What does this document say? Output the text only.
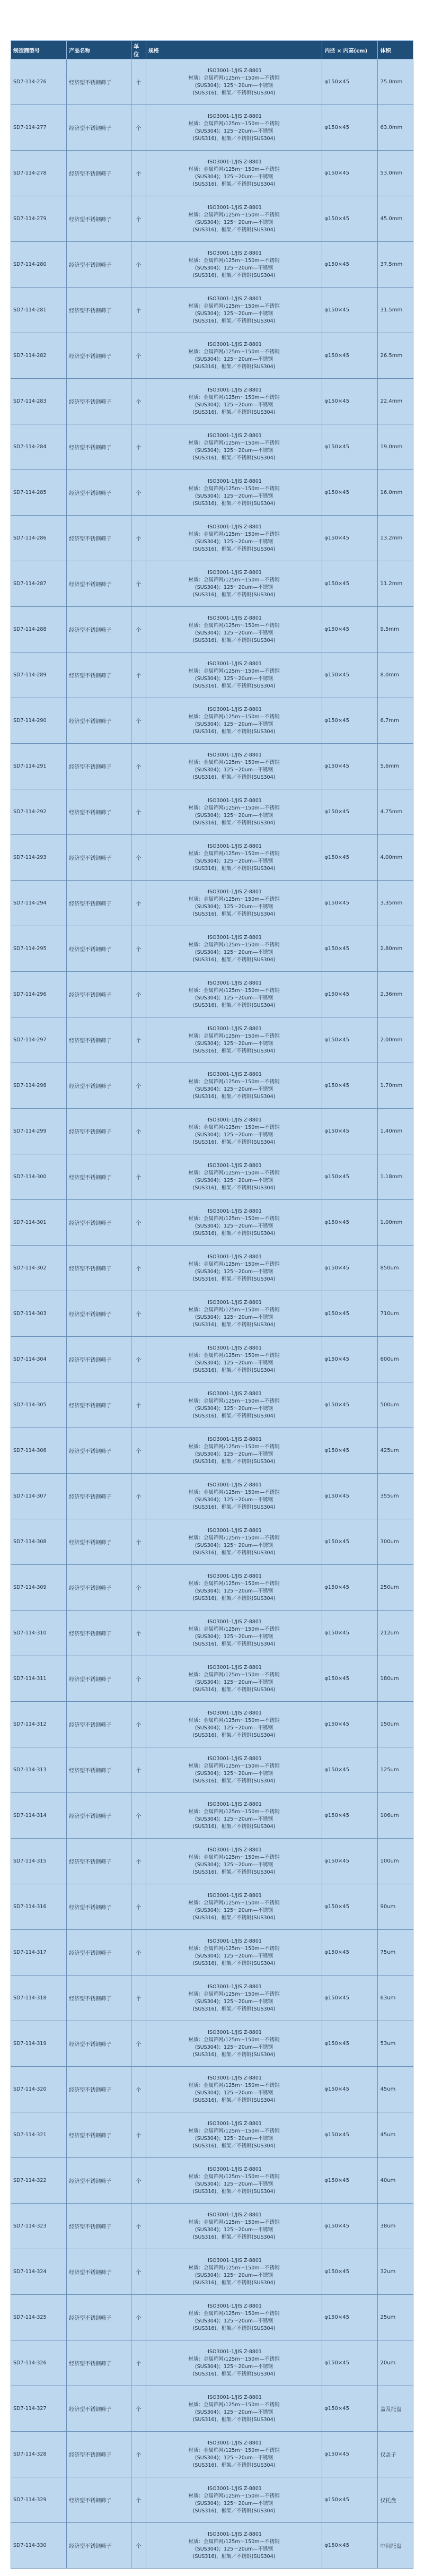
制造商型号	产品名称	单位	规格	内径 × 内高(cm)	体积
SD7-114-276	经济型不锈钢筛子	个	·ISO3001-1/JIS Z-8801
材质：金属筛网/125m～150m—不锈钢
(SUS304)；125～20um—不锈钢
(SUS316)，框架／不锈钢(SUS304)	φ150×45	75.0mm
SD7-114-277	经济型不锈钢筛子	个	·ISO3001-1/JIS Z-8801
材质：金属筛网/125m～150m—不锈钢
(SUS304)；125～20um—不锈钢
(SUS316)，框架／不锈钢(SUS304)	φ150×45	63.0mm
SD7-114-278	经济型不锈钢筛子	个	·ISO3001-1/JIS Z-8801
材质：金属筛网/125m～150m—不锈钢
(SUS304)；125～20um—不锈钢
(SUS316)，框架／不锈钢(SUS304)	φ150×45	53.0mm
SD7-114-279	经济型不锈钢筛子	个	·ISO3001-1/JIS Z-8801
材质：金属筛网/125m～150m—不锈钢
(SUS304)；125～20um—不锈钢
(SUS316)，框架／不锈钢(SUS304)	φ150×45	45.0mm
SD7-114-280	经济型不锈钢筛子	个	·ISO3001-1/JIS Z-8801
材质：金属筛网/125m～150m—不锈钢
(SUS304)；125～20um—不锈钢
(SUS316)，框架／不锈钢(SUS304)	φ150×45	37.5mm
SD7-114-281	经济型不锈钢筛子	个	·ISO3001-1/JIS Z-8801
材质：金属筛网/125m～150m—不锈钢
(SUS304)；125～20um—不锈钢
(SUS316)，框架／不锈钢(SUS304)	φ150×45	31.5mm
SD7-114-282	经济型不锈钢筛子	个	·ISO3001-1/JIS Z-8801
材质：金属筛网/125m～150m—不锈钢
(SUS304)；125～20um—不锈钢
(SUS316)，框架／不锈钢(SUS304)	φ150×45	26.5mm
SD7-114-283	经济型不锈钢筛子	个	·ISO3001-1/JIS Z-8801
材质：金属筛网/125m～150m—不锈钢
(SUS304)；125～20um—不锈钢
(SUS316)，框架／不锈钢(SUS304)	φ150×45	22.4mm
SD7-114-284	经济型不锈钢筛子	个	·ISO3001-1/JIS Z-8801
材质：金属筛网/125m～150m—不锈钢
(SUS304)；125～20um—不锈钢
(SUS316)，框架／不锈钢(SUS304)	φ150×45	19.0mm
SD7-114-285	经济型不锈钢筛子	个	·ISO3001-1/JIS Z-8801
材质：金属筛网/125m～150m—不锈钢
(SUS304)；125～20um—不锈钢
(SUS316)，框架／不锈钢(SUS304)	φ150×45	16.0mm
SD7-114-286	经济型不锈钢筛子	个	·ISO3001-1/JIS Z-8801
材质：金属筛网/125m～150m—不锈钢
(SUS304)；125～20um—不锈钢
(SUS316)，框架／不锈钢(SUS304)	φ150×45	13.2mm
SD7-114-287	经济型不锈钢筛子	个	·ISO3001-1/JIS Z-8801
材质：金属筛网/125m～150m—不锈钢
(SUS304)；125～20um—不锈钢
(SUS316)，框架／不锈钢(SUS304)	φ150×45	11.2mm
SD7-114-288	经济型不锈钢筛子	个	·ISO3001-1/JIS Z-8801
材质：金属筛网/125m～150m—不锈钢
(SUS304)；125～20um—不锈钢
(SUS316)，框架／不锈钢(SUS304)	φ150×45	9.5mm
SD7-114-289	经济型不锈钢筛子	个	·ISO3001-1/JIS Z-8801
材质：金属筛网/125m～150m—不锈钢
(SUS304)；125～20um—不锈钢
(SUS316)，框架／不锈钢(SUS304)	φ150×45	8.0mm
SD7-114-290	经济型不锈钢筛子	个	·ISO3001-1/JIS Z-8801
材质：金属筛网/125m～150m—不锈钢
(SUS304)；125～20um—不锈钢
(SUS316)，框架／不锈钢(SUS304)	φ150×45	6.7mm
SD7-114-291	经济型不锈钢筛子	个	·ISO3001-1/JIS Z-8801
材质：金属筛网/125m～150m—不锈钢
(SUS304)；125～20um—不锈钢
(SUS316)，框架／不锈钢(SUS304)	φ150×45	5.6mm
SD7-114-292	经济型不锈钢筛子	个	·ISO3001-1/JIS Z-8801
材质：金属筛网/125m～150m—不锈钢
(SUS304)；125～20um—不锈钢
(SUS316)，框架／不锈钢(SUS304)	φ150×45	4.75mm
SD7-114-293	经济型不锈钢筛子	个	·ISO3001-1/JIS Z-8801
材质：金属筛网/125m～150m—不锈钢
(SUS304)；125～20um—不锈钢
(SUS316)，框架／不锈钢(SUS304)	φ150×45	4.00mm
SD7-114-294	经济型不锈钢筛子	个	·ISO3001-1/JIS Z-8801
材质：金属筛网/125m～150m—不锈钢
(SUS304)；125～20um—不锈钢
(SUS316)，框架／不锈钢(SUS304)	φ150×45	3.35mm
SD7-114-295	经济型不锈钢筛子	个	·ISO3001-1/JIS Z-8801
材质：金属筛网/125m～150m—不锈钢
(SUS304)；125～20um—不锈钢
(SUS316)，框架／不锈钢(SUS304)	φ150×45	2.80mm
SD7-114-296	经济型不锈钢筛子	个	·ISO3001-1/JIS Z-8801
材质：金属筛网/125m～150m—不锈钢
(SUS304)；125～20um—不锈钢
(SUS316)，框架／不锈钢(SUS304)	φ150×45	2.36mm
SD7-114-297	经济型不锈钢筛子	个	·ISO3001-1/JIS Z-8801
材质：金属筛网/125m～150m—不锈钢
(SUS304)；125～20um—不锈钢
(SUS316)，框架／不锈钢(SUS304)	φ150×45	2.00mm
SD7-114-298	经济型不锈钢筛子	个	·ISO3001-1/JIS Z-8801
材质：金属筛网/125m～150m—不锈钢
(SUS304)；125～20um—不锈钢
(SUS316)，框架／不锈钢(SUS304)	φ150×45	1.70mm
SD7-114-299	经济型不锈钢筛子	个	·ISO3001-1/JIS Z-8801
材质：金属筛网/125m～150m—不锈钢
(SUS304)；125～20um—不锈钢
(SUS316)，框架／不锈钢(SUS304)	φ150×45	1.40mm
SD7-114-300	经济型不锈钢筛子	个	·ISO3001-1/JIS Z-8801
材质：金属筛网/125m～150m—不锈钢
(SUS304)；125～20um—不锈钢
(SUS316)，框架／不锈钢(SUS304)	φ150×45	1.18mm
SD7-114-301	经济型不锈钢筛子	个	·ISO3001-1/JIS Z-8801
材质：金属筛网/125m～150m—不锈钢
(SUS304)；125～20um—不锈钢
(SUS316)，框架／不锈钢(SUS304)	φ150×45	1.00mm
SD7-114-302	经济型不锈钢筛子	个	·ISO3001-1/JIS Z-8801
材质：金属筛网/125m～150m—不锈钢
(SUS304)；125～20um—不锈钢
(SUS316)，框架／不锈钢(SUS304)	φ150×45	850um
SD7-114-303	经济型不锈钢筛子	个	·ISO3001-1/JIS Z-8801
材质：金属筛网/125m～150m—不锈钢
(SUS304)；125～20um—不锈钢
(SUS316)，框架／不锈钢(SUS304)	φ150×45	710um
SD7-114-304	经济型不锈钢筛子	个	·ISO3001-1/JIS Z-8801
材质：金属筛网/125m～150m—不锈钢
(SUS304)；125～20um—不锈钢
(SUS316)，框架／不锈钢(SUS304)	φ150×45	600um
SD7-114-305	经济型不锈钢筛子	个	·ISO3001-1/JIS Z-8801
材质：金属筛网/125m～150m—不锈钢
(SUS304)；125～20um—不锈钢
(SUS316)，框架／不锈钢(SUS304)	φ150×45	500um
SD7-114-306	经济型不锈钢筛子	个	·ISO3001-1/JIS Z-8801
材质：金属筛网/125m～150m—不锈钢
(SUS304)；125～20um—不锈钢
(SUS316)，框架／不锈钢(SUS304)	φ150×45	425um
SD7-114-307	经济型不锈钢筛子	个	·ISO3001-1/JIS Z-8801
材质：金属筛网/125m～150m—不锈钢
(SUS304)；125～20um—不锈钢
(SUS316)，框架／不锈钢(SUS304)	φ150×45	355um
SD7-114-308	经济型不锈钢筛子	个	·ISO3001-1/JIS Z-8801
材质：金属筛网/125m～150m—不锈钢
(SUS304)；125～20um—不锈钢
(SUS316)，框架／不锈钢(SUS304)	φ150×45	300um
SD7-114-309	经济型不锈钢筛子	个	·ISO3001-1/JIS Z-8801
材质：金属筛网/125m～150m—不锈钢
(SUS304)；125～20um—不锈钢
(SUS316)，框架／不锈钢(SUS304)	φ150×45	250um
SD7-114-310	经济型不锈钢筛子	个	·ISO3001-1/JIS Z-8801
材质：金属筛网/125m～150m—不锈钢
(SUS304)；125～20um—不锈钢
(SUS316)，框架／不锈钢(SUS304)	φ150×45	212um
SD7-114-311	经济型不锈钢筛子	个	·ISO3001-1/JIS Z-8801
材质：金属筛网/125m～150m—不锈钢
(SUS304)；125～20um—不锈钢
(SUS316)，框架／不锈钢(SUS304)	φ150×45	180um
SD7-114-312	经济型不锈钢筛子	个	·ISO3001-1/JIS Z-8801
材质：金属筛网/125m～150m—不锈钢
(SUS304)；125～20um—不锈钢
(SUS316)，框架／不锈钢(SUS304)	φ150×45	150um
SD7-114-313	经济型不锈钢筛子	个	·ISO3001-1/JIS Z-8801
材质：金属筛网/125m～150m—不锈钢
(SUS304)；125～20um—不锈钢
(SUS316)，框架／不锈钢(SUS304)	φ150×45	125um
SD7-114-314	经济型不锈钢筛子	个	·ISO3001-1/JIS Z-8801
材质：金属筛网/125m～150m—不锈钢
(SUS304)；125～20um—不锈钢
(SUS316)，框架／不锈钢(SUS304)	φ150×45	106um
SD7-114-315	经济型不锈钢筛子	个	·ISO3001-1/JIS Z-8801
材质：金属筛网/125m～150m—不锈钢
(SUS304)；125～20um—不锈钢
(SUS316)，框架／不锈钢(SUS304)	φ150×45	100um
SD7-114-316	经济型不锈钢筛子	个	·ISO3001-1/JIS Z-8801
材质：金属筛网/125m～150m—不锈钢
(SUS304)；125～20um—不锈钢
(SUS316)，框架／不锈钢(SUS304)	φ150×45	90um
SD7-114-317	经济型不锈钢筛子	个	·ISO3001-1/JIS Z-8801
材质：金属筛网/125m～150m—不锈钢
(SUS304)；125～20um—不锈钢
(SUS316)，框架／不锈钢(SUS304)	φ150×45	75um
SD7-114-318	经济型不锈钢筛子	个	·ISO3001-1/JIS Z-8801
材质：金属筛网/125m～150m—不锈钢
(SUS304)；125～20um—不锈钢
(SUS316)，框架／不锈钢(SUS304)	φ150×45	63um
SD7-114-319	经济型不锈钢筛子	个	·ISO3001-1/JIS Z-8801
材质：金属筛网/125m～150m—不锈钢
(SUS304)；125～20um—不锈钢
(SUS316)，框架／不锈钢(SUS304)	φ150×45	53um
SD7-114-320	经济型不锈钢筛子	个	·ISO3001-1/JIS Z-8801
材质：金属筛网/125m～150m—不锈钢
(SUS304)；125～20um—不锈钢
(SUS316)，框架／不锈钢(SUS304)	φ150×45	45um
SD7-114-321	经济型不锈钢筛子	个	·ISO3001-1/JIS Z-8801
材质：金属筛网/125m～150m—不锈钢
(SUS304)；125～20um—不锈钢
(SUS316)，框架／不锈钢(SUS304)	φ150×45	45um
SD7-114-322	经济型不锈钢筛子	个	·ISO3001-1/JIS Z-8801
材质：金属筛网/125m～150m—不锈钢
(SUS304)；125～20um—不锈钢
(SUS316)，框架／不锈钢(SUS304)	φ150×45	40um
SD7-114-323	经济型不锈钢筛子	个	·ISO3001-1/JIS Z-8801
材质：金属筛网/125m～150m—不锈钢
(SUS304)；125～20um—不锈钢
(SUS316)，框架／不锈钢(SUS304)	φ150×45	38um
SD7-114-324	经济型不锈钢筛子	个	·ISO3001-1/JIS Z-8801
材质：金属筛网/125m～150m—不锈钢
(SUS304)；125～20um—不锈钢
(SUS316)，框架／不锈钢(SUS304)	φ150×45	32um
SD7-114-325	经济型不锈钢筛子	个	·ISO3001-1/JIS Z-8801
材质：金属筛网/125m～150m—不锈钢
(SUS304)；125～20um—不锈钢
(SUS316)，框架／不锈钢(SUS304)	φ150×45	25um
SD7-114-326	经济型不锈钢筛子	个	·ISO3001-1/JIS Z-8801
材质：金属筛网/125m～150m—不锈钢
(SUS304)；125～20um—不锈钢
(SUS316)，框架／不锈钢(SUS304)	φ150×45	20um
SD7-114-327	经济型不锈钢筛子	个	·ISO3001-1/JIS Z-8801
材质：金属筛网/125m～150m—不锈钢
(SUS304)；125～20um—不锈钢
(SUS316)，框架／不锈钢(SUS304)	φ150×45	盖及托盘
SD7-114-328	经济型不锈钢筛子	个	·ISO3001-1/JIS Z-8801
材质：金属筛网/125m～150m—不锈钢
(SUS304)；125～20um—不锈钢
(SUS316)，框架／不锈钢(SUS304)	φ150×45	仅盖子
SD7-114-329	经济型不锈钢筛子	个	·ISO3001-1/JIS Z-8801
材质：金属筛网/125m～150m—不锈钢
(SUS304)；125～20um—不锈钢
(SUS316)，框架／不锈钢(SUS304)	φ150×45	仅托盘
SD7-114-330	经济型不锈钢筛子	个	·ISO3001-1/JIS Z-8801
材质：金属筛网/125m～150m—不锈钢
(SUS304)；125～20um—不锈钢
(SUS316)，框架／不锈钢(SUS304)	φ150×45	中间托盘
